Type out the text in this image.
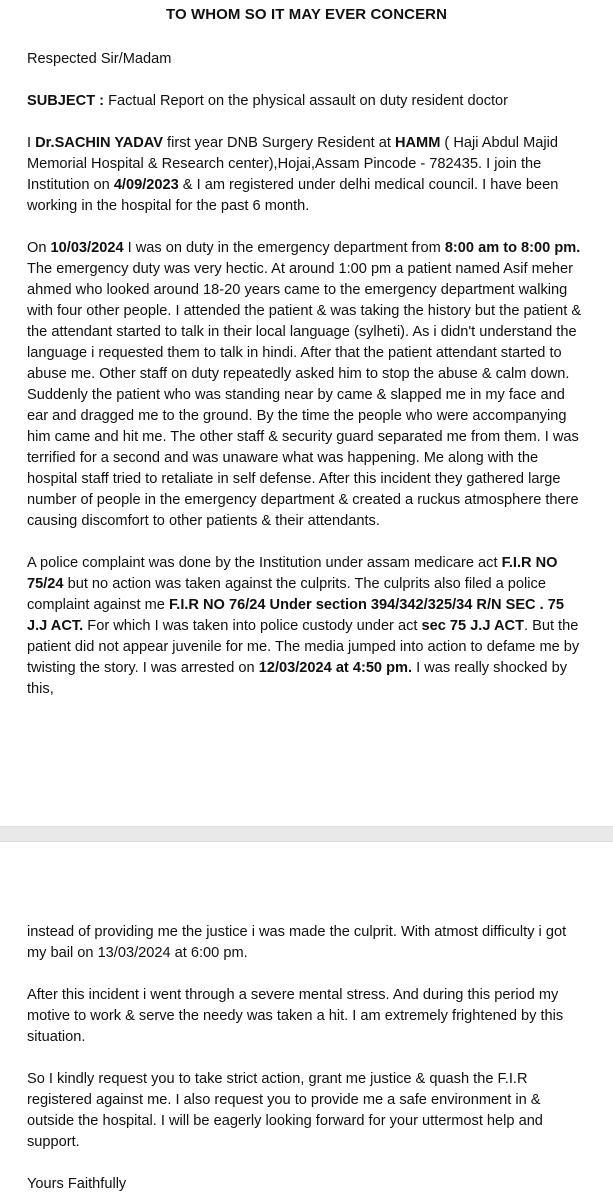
TO WHOM SO IT MAY EVER CONCERN

Respected Sir/Madam

SUBJECT : Factual Report on the physical assault on duty resident doctor

I Dr.SACHIN YADAV first year DNB Surgery Resident at HAMM ( Haji Abdul Majid Memorial Hospital & Research center),Hojai,Assam Pincode - 782435. I join the Institution on 4/09/2023 & I am registered under delhi medical council. I have been working in the hospital for the past 6 month.

On 10/03/2024 I was on duty in the emergency department from 8:00 am to 8:00 pm. The emergency duty was very hectic. At around 1:00 pm a patient named Asif meher ahmed who looked around 18-20 years came to the emergency department walking with four other people. I attended the patient & was taking the history but the patient & the attendant started to talk in their local language (sylheti). As i didn't understand the language i requested them to talk in hindi. After that the patient attendant started to abuse me. Other staff on duty repeatedly asked him to stop the abuse & calm down. Suddenly the patient who was standing near by came & slapped me in my face and ear and dragged me to the ground. By the time the people who were accompanying him came and hit me. The other staff & security guard separated me from them. I was terrified for a second and was unaware what was happening. Me along with the hospital staff tried to retaliate in self defense. After this incident they gathered large number of people in the emergency department & created a ruckus atmosphere there causing discomfort to other patients & their attendants.

A police complaint was done by the Institution under assam medicare act F.I.R NO 75/24 but no action was taken against the culprits. The culprits also filed a police complaint against me F.I.R NO 76/24 Under section 394/342/325/34 R/N SEC . 75 J.J ACT. For which I was taken into police custody under act sec 75 J.J ACT. But the patient did not appear juvenile for me. The media jumped into action to defame me by twisting the story. I was arrested on 12/03/2024 at 4:50 pm. I was really shocked by this,

instead of providing me the justice i was made the culprit. With atmost difficulty i got my bail on 13/03/2024 at 6:00 pm.

After this incident i went through a severe mental stress. And during this period my motive to work & serve the needy was taken a hit. I am extremely frightened by this situation.

So I kindly request you to take strict action, grant me justice & quash the F.I.R registered against me. I also request you to provide me a safe environment in & outside the hospital. I will be eagerly looking forward for your uttermost help and support.

Yours Faithfully
